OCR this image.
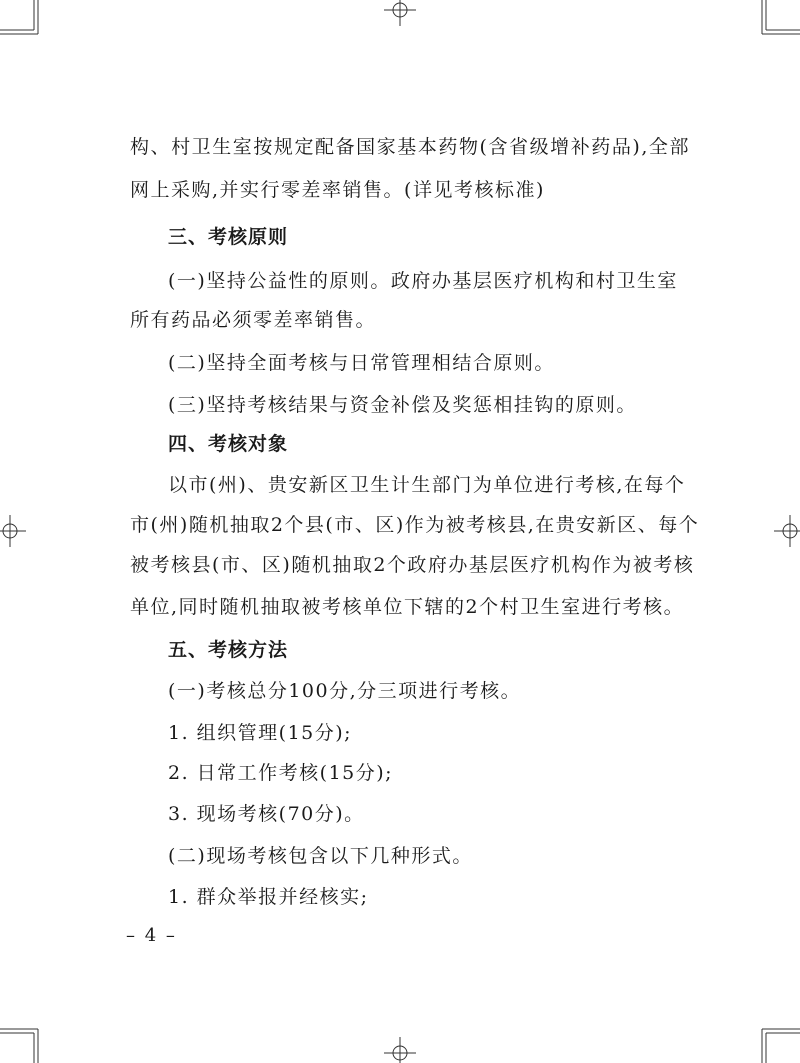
构、村卫生室按规定配备国家基本药物(含省级增补药品),全部
网上采购,并实行零差率销售。(详见考核标准)
三、考核原则
(一)坚持公益性的原则。政府办基层医疗机构和村卫生室
所有药品必须零差率销售。
(二)坚持全面考核与日常管理相结合原则。
(三)坚持考核结果与资金补偿及奖惩相挂钩的原则。
四、考核对象
以市(州)、贵安新区卫生计生部门为单位进行考核,在每个
市(州)随机抽取2个县(市、区)作为被考核县,在贵安新区、每个
被考核县(市、区)随机抽取2个政府办基层医疗机构作为被考核
单位,同时随机抽取被考核单位下辖的2个村卫生室进行考核。
五、考核方法
(一)考核总分100分,分三项进行考核。
1. 组织管理(15分);
2. 日常工作考核(15分);
3. 现场考核(70分)。
(二)现场考核包含以下几种形式。
1. 群众举报并经核实;
– 4 –
